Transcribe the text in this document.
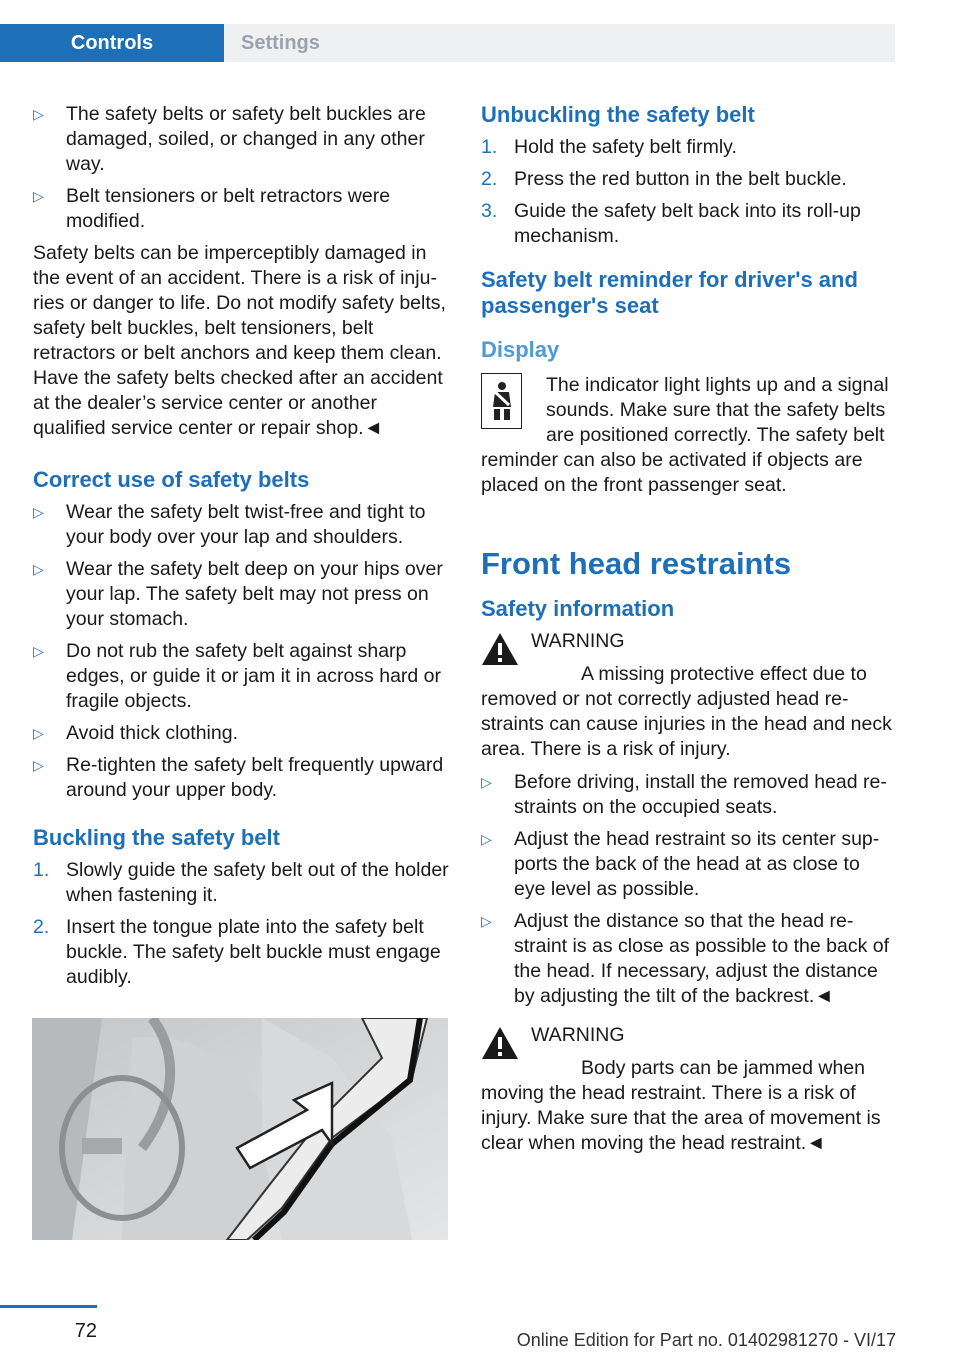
Controls	Settings
▷ The safety belts or safety belt buckles are damaged, soiled, or changed in any other way.
▷ Belt tensioners or belt retractors were modified.

Safety belts can be imperceptibly damaged in the event of an accident. There is a risk of injuries or danger to life. Do not modify safety belts, safety belt buckles, belt tensioners, belt retractors or belt anchors and keep them clean. Have the safety belts checked after an accident at the dealer’s service center or another qualified service center or repair shop.◄

Correct use of safety belts
▷ Wear the safety belt twist-free and tight to your body over your lap and shoulders.
▷ Wear the safety belt deep on your hips over your lap. The safety belt may not press on your stomach.
▷ Do not rub the safety belt against sharp edges, or guide it or jam it in across hard or fragile objects.
▷ Avoid thick clothing.
▷ Re-tighten the safety belt frequently upward around your upper body.
Buckling the safety belt
1. Slowly guide the safety belt out of the holder when fastening it.
2. Insert the tongue plate into the safety belt buckle. The safety belt buckle must engage audibly.
Unbuckling the safety belt
1. Hold the safety belt firmly.
2. Press the red button in the belt buckle.
3. Guide the safety belt back into its roll-up mechanism.
Safety belt reminder for driver's and passenger's seat
Display

The indicator light lights up and a signal sounds. Make sure that the safety belts are positioned correctly. The safety belt reminder can also be activated if objects are placed on the front passenger seat.

Front head restraints
Safety information
WARNING

A missing protective effect due to removed or not correctly adjusted head restraints can cause injuries in the head and neck area. There is a risk of injury.

▷ Before driving, install the removed head restraints on the occupied seats.
▷ Adjust the head restraint so its center supports the back of the head at as close to eye level as possible.
▷ Adjust the distance so that the head restraint is as close as possible to the back of the head. If necessary, adjust the distance by adjusting the tilt of the backrest.◄
WARNING

Body parts can be jammed when moving the head restraint. There is a risk of injury. Make sure that the area of movement is clear when moving the head restraint.◄

72	Online Edition for Part no. 01402981270 - VI/17
